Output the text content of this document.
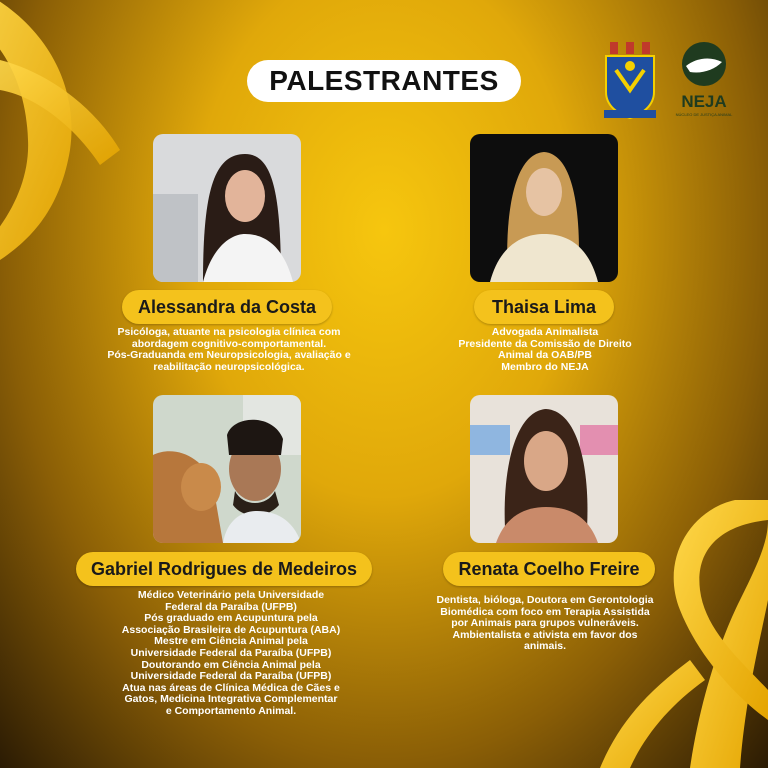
PALESTRANTES
NEJA
NÚCLEO DE JUSTIÇA ANIMAL
Alessandra da Costa
Psicóloga, atuante na psicologia clínica com
abordagem cognitivo-comportamental.
Pós-Graduanda em Neuropsicologia, avaliação e
reabilitação neuropsicológica.
Thaisa Lima
Advogada Animalista
Presidente da Comissão de Direito
Animal da OAB/PB
Membro do NEJA
Gabriel Rodrigues de Medeiros
Médico Veterinário pela Universidade
Federal da Paraíba (UFPB)
Pós graduado em Acupuntura pela
Associação Brasileira de Acupuntura (ABA)
Mestre em Ciência Animal pela
Universidade Federal da Paraíba (UFPB)
Doutorando em Ciência Animal pela
Universidade Federal da Paraíba (UFPB)
Atua nas áreas de Clínica Médica de Cães e
Gatos, Medicina Integrativa Complementar
e Comportamento Animal.
Renata Coelho Freire
Dentista, bióloga, Doutora em Gerontologia
Biomédica com foco em Terapia Assistida
por Animais para grupos vulneráveis.
Ambientalista e ativista em favor dos
animais.
